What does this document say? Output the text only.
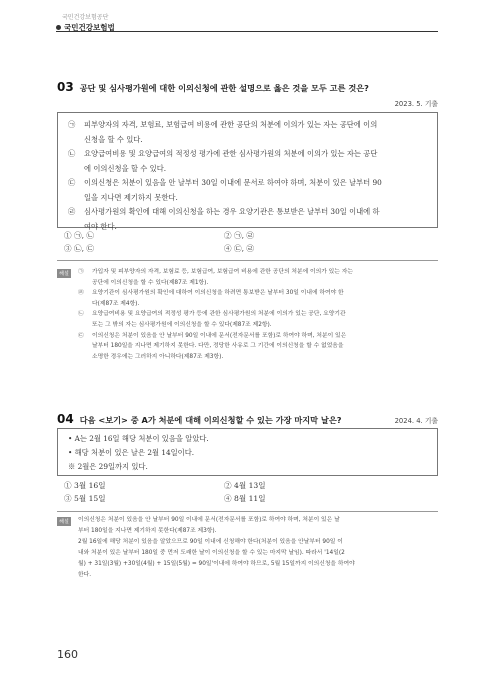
국민건강보험공단
국민건강보험법
03 공단 및 심사평가원에 대한 이의신청에 관한 설명으로 옳은 것을 모두 고른 것은?
2023. 5. 기출
㉠	피부양자의 자격, 보험료, 보험급여 비용에 관한 공단의 처분에 이의가 있는 자는 공단에 이의
신청을 할 수 있다.
㉡	요양급여비용 및 요양급여의 적정성 평가에 관한 심사평가원의 처분에 이의가 있는 자는 공단
에 이의신청을 할 수 있다.
㉢	이의신청은 처분이 있음을 안 날부터 30일 이내에 문서로 하여야 하며, 처분이 있은 날부터 90
일을 지나면 제기하지 못한다.
㉣	심사평가원의 확인에 대해 이의신청을 하는 경우 요양기관은 통보받은 날부터 30일 이내에 하
여야 한다.
① ㉠, ㉡	② ㉠, ㉣
③ ㉡, ㉢	④ ㉢, ㉣
해설	㉠	가입자 및 피부양자의 자격, 보험료 등, 보험급여, 보험급여 비용에 관한 공단의 처분에 이의가 있는 자는
공단에 이의신청을 할 수 있다(제87조 제1항).
㉣	요양기관이 심사평가원의 확인에 대하여 이의신청을 하려면 통보받은 날부터 30일 이내에 하여야 한
다(제87조 제4항).
㉡	요양급여비용 및 요양급여의 적정성 평가 등에 관한 심사평가원의 처분에 이의가 있는 공단, 요양기관
또는 그 밖의 자는 심사평가원에 이의신청을 할 수 있다(제87조 제2항).
㉢	이의신청은 처분이 있음을 안 날부터 90일 이내에 문서(전자문서를 포함)로 하여야 하며, 처분이 있은
날부터 180일을 지나면 제기하지 못한다. 다만, 정당한 사유로 그 기간에 이의신청을 할 수 없었음을
소명한 경우에는 그러하지 아니하다(제87조 제3항).
04 다음 <보기> 중 A가 처분에 대해 이의신청할 수 있는 가장 마지막 날은?	2024. 4. 기출
• A는 2월 16일 해당 처분이 있음을 알았다.
• 해당 처분이 있은 날은 2월 14일이다.
※ 2월은 29일까지 있다.
① 3월 16일	② 4월 13일
③ 5월 15일	④ 8월 11일
해설	이의신청은 처분이 있음을 안 날부터 90일 이내에 문서(전자문서를 포함)로 하여야 하며, 처분이 있은 날
부터 180일을 지나면 제기하지 못한다(제87조 제3항).
2월 16일에 해당 처분이 있음을 알았으므로 90일 이내에 신청해야 한다(처분이 있음을 안날부터 90일 이
내와 처분이 있은 날부터 180일 중 먼저 도래한 날이 이의신청을 할 수 있는 마지막 날임). 따라서 '14일(2
월) + 31일(3월) +30일(4월) + 15일(5월) = 90일'이내에 하여야 하므로, 5월 15일까지 이의신청을 하여야
한다.
160
